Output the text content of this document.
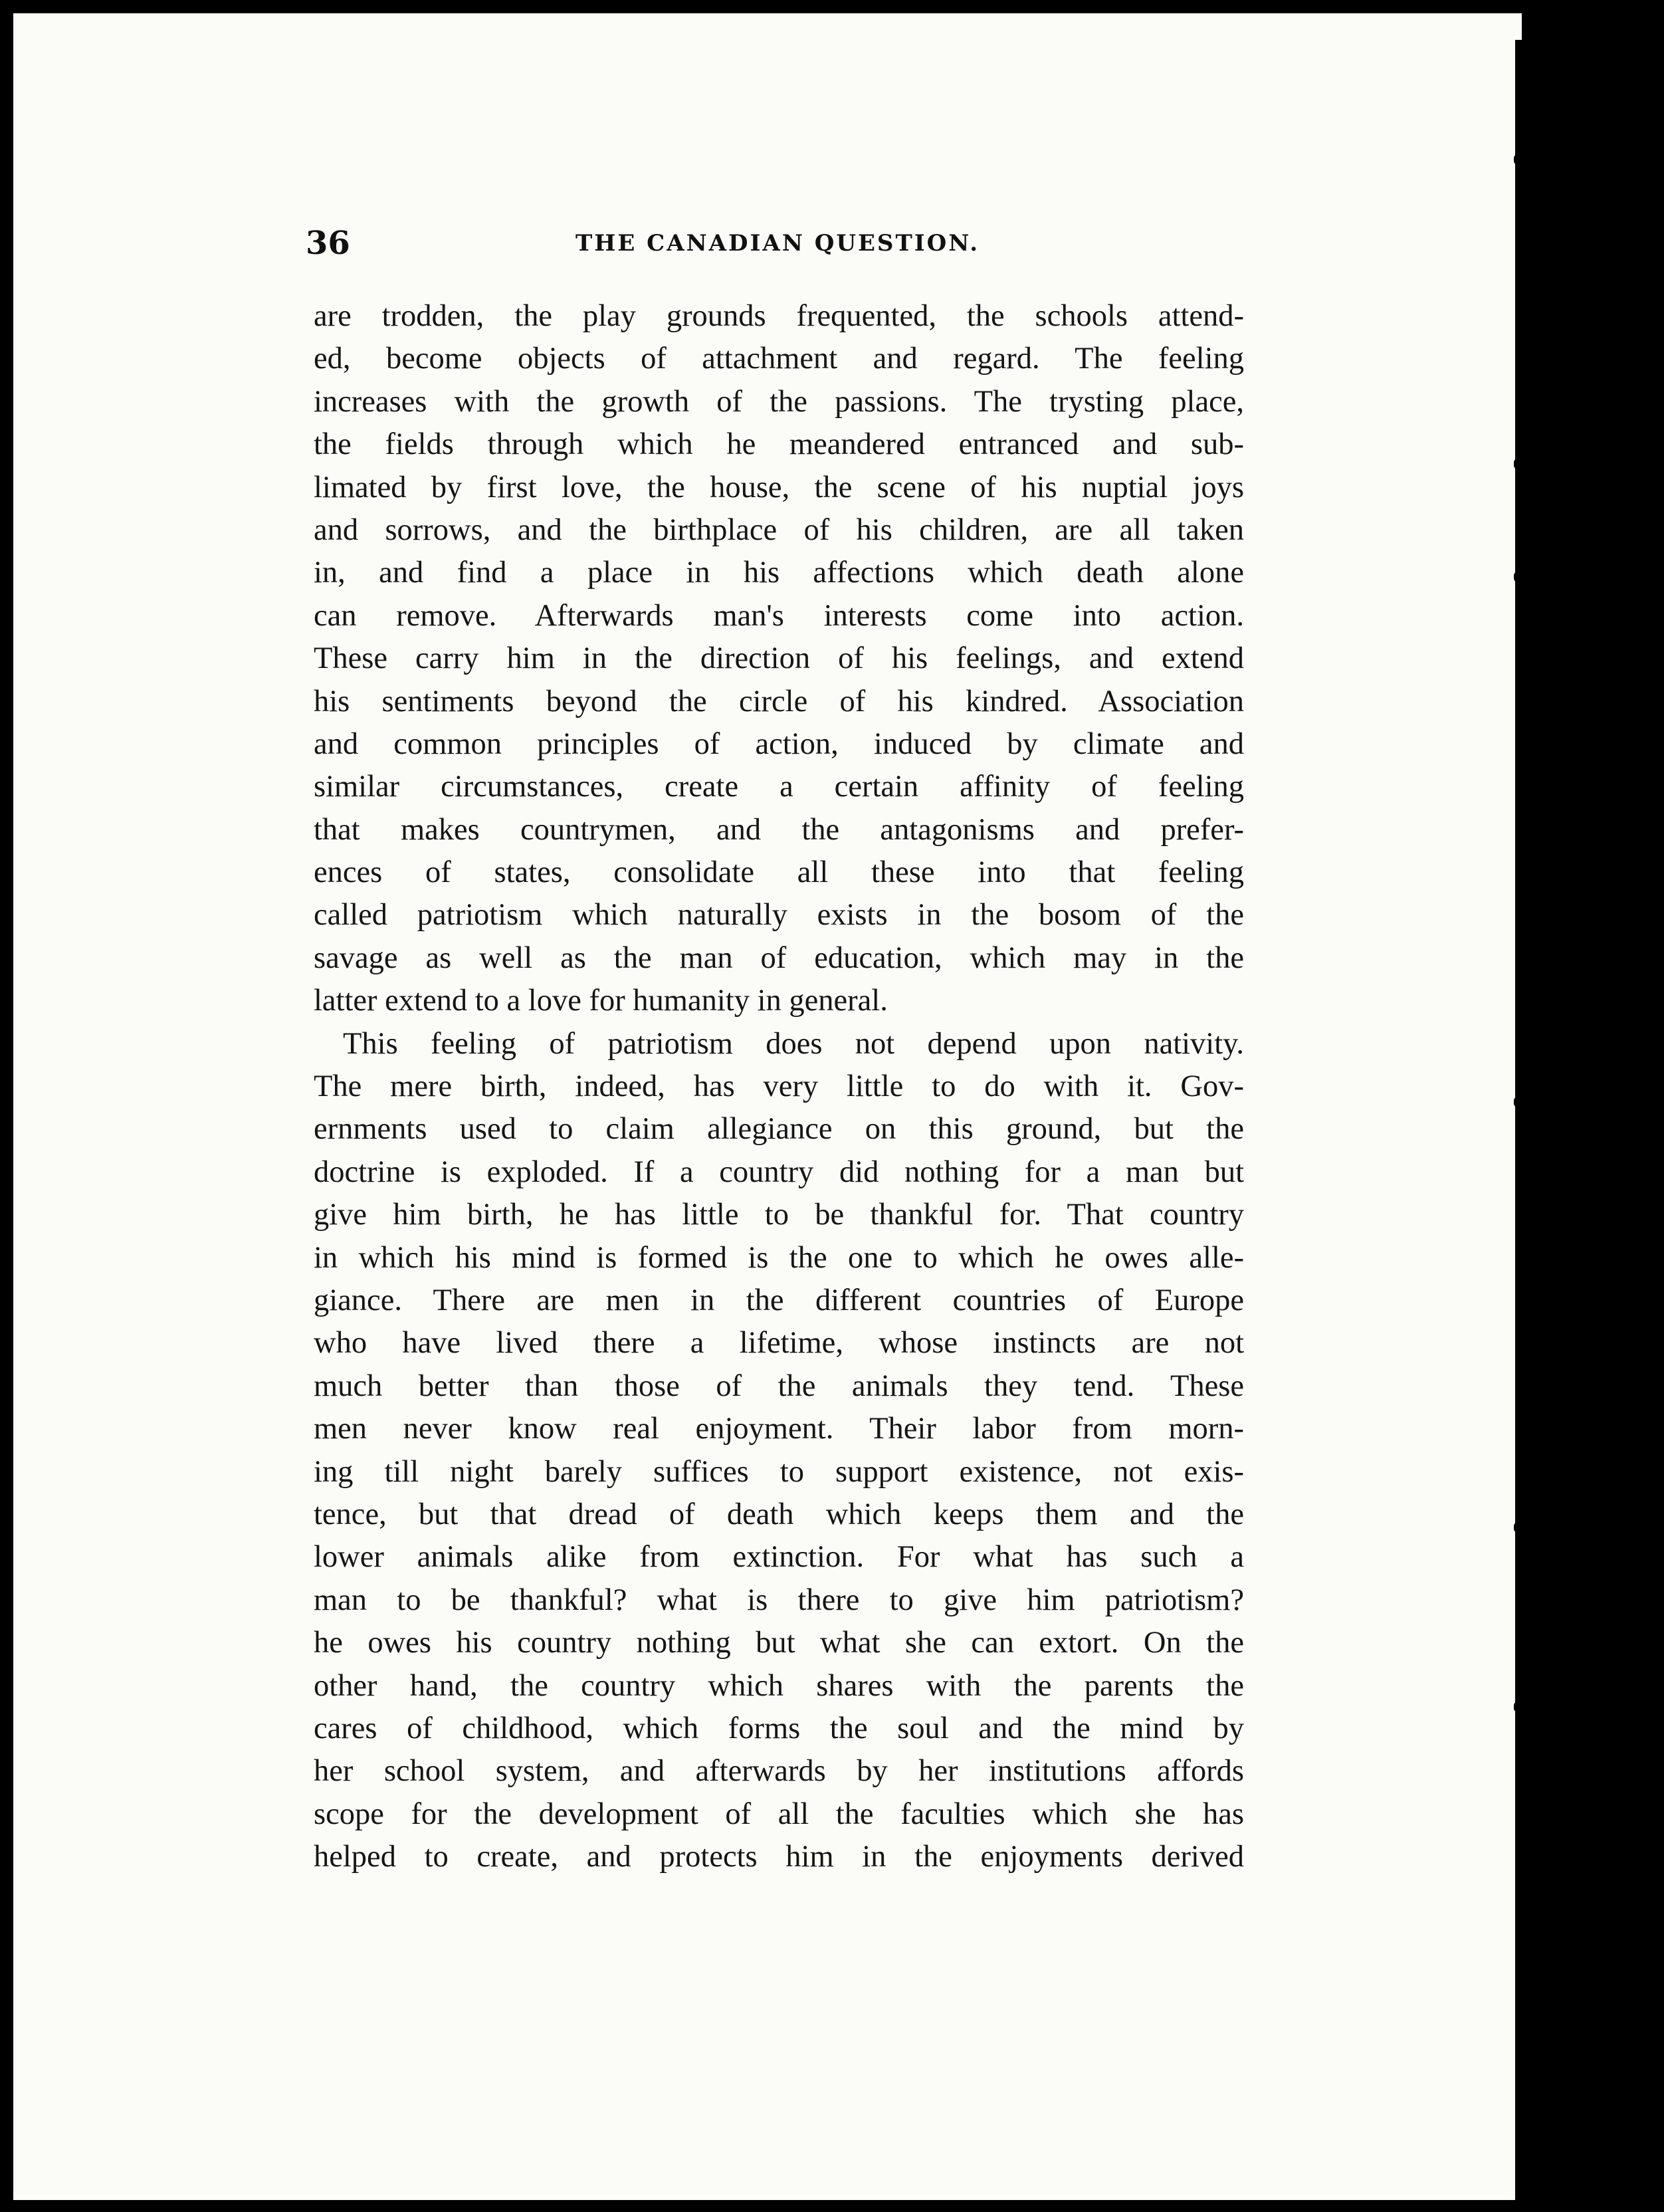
36	THE CANADIAN QUESTION.
are trodden, the play grounds frequented, the schools attend-
ed, become objects of attachment and regard. The feeling
increases with the growth of the passions. The trysting place,
the fields through which he meandered entranced and sub-
limated by first love, the house, the scene of his nuptial joys
and sorrows, and the birthplace of his children, are all taken
in, and find a place in his affections which death alone
can remove. Afterwards man's interests come into action.
These carry him in the direction of his feelings, and extend
his sentiments beyond the circle of his kindred. Association
and common principles of action, induced by climate and
similar circumstances, create a certain affinity of feeling
that makes countrymen, and the antagonisms and prefer-
ences of states, consolidate all these into that feeling
called patriotism which naturally exists in the bosom of the
savage as well as the man of education, which may in the
latter extend to a love for humanity in general.
This feeling of patriotism does not depend upon nativity.
The mere birth, indeed, has very little to do with it. Gov-
ernments used to claim allegiance on this ground, but the
doctrine is exploded. If a country did nothing for a man but
give him birth, he has little to be thankful for. That country
in which his mind is formed is the one to which he owes alle-
giance. There are men in the different countries of Europe
who have lived there a lifetime, whose instincts are not
much better than those of the animals they tend. These
men never know real enjoyment. Their labor from morn-
ing till night barely suffices to support existence, not exis-
tence, but that dread of death which keeps them and the
lower animals alike from extinction. For what has such a
man to be thankful? what is there to give him patriotism?
he owes his country nothing but what she can extort. On the
other hand, the country which shares with the parents the
cares of childhood, which forms the soul and the mind by
her school system, and afterwards by her institutions affords
scope for the development of all the faculties which she has
helped to create, and protects him in the enjoyments derived
